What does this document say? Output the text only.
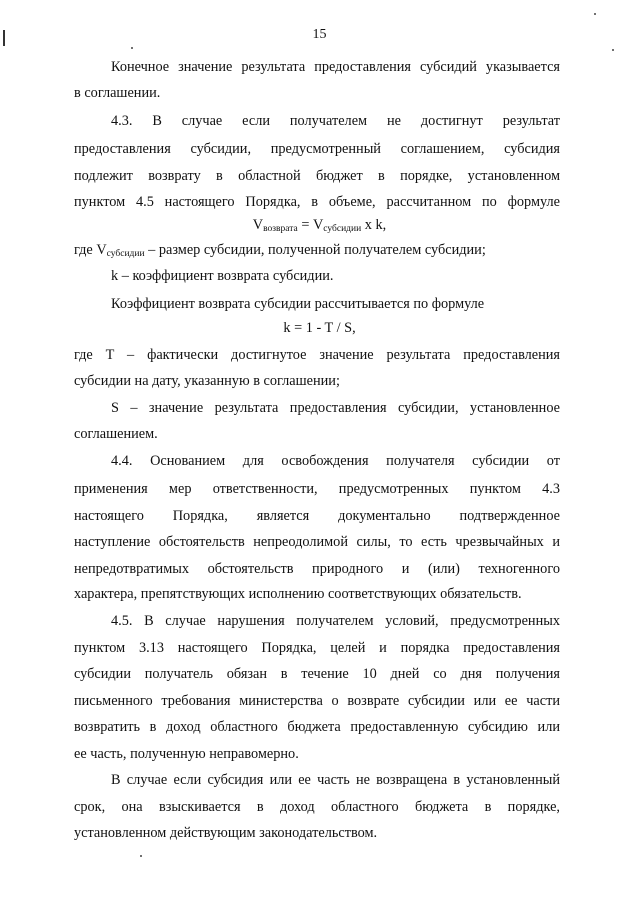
15
Конечное значение результата предоставления субсидий указывается
в соглашении.
4.3. В случае если получателем не достигнут результат
предоставления субсидии, предусмотренный соглашением, субсидия
подлежит возврату в областной бюджет в порядке, установленном
пунктом 4.5 настоящего Порядка, в объеме, рассчитанном по формуле
$V_{возврата} = V_{субсидии}$ x k,
где $V_{субсидии}$ – размер субсидии, полученной получателем субсидии;
k – коэффициент возврата субсидии.
Коэффициент возврата субсидии рассчитывается по формуле
k = 1 - T / S,
где T – фактически достигнутое значение результата предоставления
субсидии на дату, указанную в соглашении;
S – значение результата предоставления субсидии, установленное
соглашением.
4.4. Основанием для освобождения получателя субсидии от
применения мер ответственности, предусмотренных пунктом 4.3
настоящего Порядка, является документально подтвержденное
наступление обстоятельств непреодолимой силы, то есть чрезвычайных и
непредотвратимых обстоятельств природного и (или) техногенного
характера, препятствующих исполнению соответствующих обязательств.
4.5. В случае нарушения получателем условий, предусмотренных
пунктом 3.13 настоящего Порядка, целей и порядка предоставления
субсидии получатель обязан в течение 10 дней со дня получения
письменного требования министерства о возврате субсидии или ее части
возвратить в доход областного бюджета предоставленную субсидию или
ее часть, полученную неправомерно.
В случае если субсидия или ее часть не возвращена в установленный
срок, она взыскивается в доход областного бюджета в порядке,
установленном действующим законодательством.
